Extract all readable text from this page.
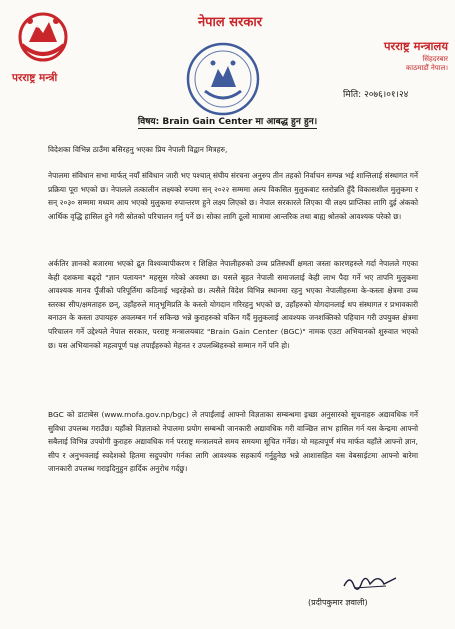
नेपाल सरकार
परराष्ट्र मन्त्री
परराष्ट्र मन्त्रालय
सिंहदरबार
काठमाडौं नेपाल।
मिति: २०७६।०१।२४
विषय: Brain Gain Center मा आबद्ध हुन हुन।
विदेशका विभिन्न ठाउँमा बसिरहनु भएका प्रिय नेपाली विद्वान मित्रहरु,
नेपालमा संविधान सभा मार्फत् नयाँ संविधान जारी भए पश्चात् संघीय संरचना अनुरुप तीन तहको निर्वाचन सम्पन्न भई शान्तिलाई संस्थागत गर्ने प्रक्रिया पूरा भएको छ। नेपालले तत्कालीन लक्ष्यको रुपमा सन् २०२२ सम्ममा अल्प विकसित मुलुकबाट स्तरोन्नति हुँदै विकासशील मुलुकमा र सन् २०३० सम्ममा मध्यम आय भएको मुलुकमा रुपान्तरण हुने लक्ष्य लिएको छ। नेपाल सरकारले लिएका यी लक्ष्य प्राप्तिका लागि दुई अंकको आर्थिक वृद्धि हासिल हुने गरी स्रोतको परिचालन गर्नु पर्ने छ। सोका लागि ठूलो मात्रामा आन्तरिक तथा बाह्य श्रोतको आवश्यक परेको छ।
अर्कतिर ज्ञानको बजारमा भएको द्रुत विश्वव्यापीकरण र शिक्षित नेपालीहरुको उच्च प्रतिस्पर्धी क्षमता जस्ता कारणहरुले गर्दा नेपालले गएका केही दशकमा बढ्दो "ज्ञान पलायन" महसुस गरेको अवस्था छ। यसले बृहत नेपाली समाजलाई केही लाभ पैदा गर्ने भए तापनि मुलुकमा आवश्यक मानव पूँजीको परिपूर्तिमा कठिनाई भइरहेको छ। त्यसैले विदेश विभिन्न स्थानमा रहनु भएका नेपालीहरुमा के-कस्ता क्षेत्रमा उच्च स्तरका सीप/क्षमताहरु छन्, उहाँहरुले मातृभूमिप्रति के कस्तो योगदान गरिरहनु भएको छ, उहाँहरुको योगदानलाई थप संस्थागत र प्रभावकारी बनाउन के कस्ता उपायहरु अवलम्बन गर्न सकिन्छ भन्ने कुराहरुको यकिन गर्दै मुलुकलाई आवश्यक जनशक्तिको पहिचान गरी उपयुक्त क्षेत्रमा परिचालन गर्ने उद्देश्यले नेपाल सरकार, परराष्ट्र मन्त्रालयबाट "Brain Gain Center (BGC)" नामक एउटा अभियानको शुरुवात भएको छ। यस अभियानको महत्वपूर्ण पक्ष तपाईंहरुको मेहनत र उपलब्धिहरुको सम्मान गर्ने पनि हो।
BGC को डाटाबेस (www.mofa.gov.np/bgc) ले तपाईंलाई आफ्नो विज्ञताका सम्बन्धमा इच्छा अनुसारको सूचनाहरु अद्यावधिक गर्ने सुविधा उपलब्ध गराउँछ। यहाँको विज्ञताको नेपालमा प्रयोग सम्बन्धी जानकारी अद्यावधिक गरी वाञ्छित लाभ हासिल गर्न यस केन्द्रमा आफ्नो सबैलाई विभिन्न उपयोगी कुराहरु अद्यावधिक गर्न परराष्ट्र मन्त्रालयले समय समयमा सूचित गर्नेछ। यो महत्वपूर्ण मंच मार्फत यहाँले आफ्नो ज्ञान, सीप र अनुभवलाई स्वदेशको हितमा सदुपयोग गर्नका लागि आवश्यक सहकार्य गर्नुहुनेछ भन्ने आशासहित यस वेबसाईटमा आफ्नो बारेमा जानकारी उपलब्ध गराइदिनुहुन हार्दिक अनुरोध गर्दछु।
(प्रदीपकुमार ज्ञवाली)
